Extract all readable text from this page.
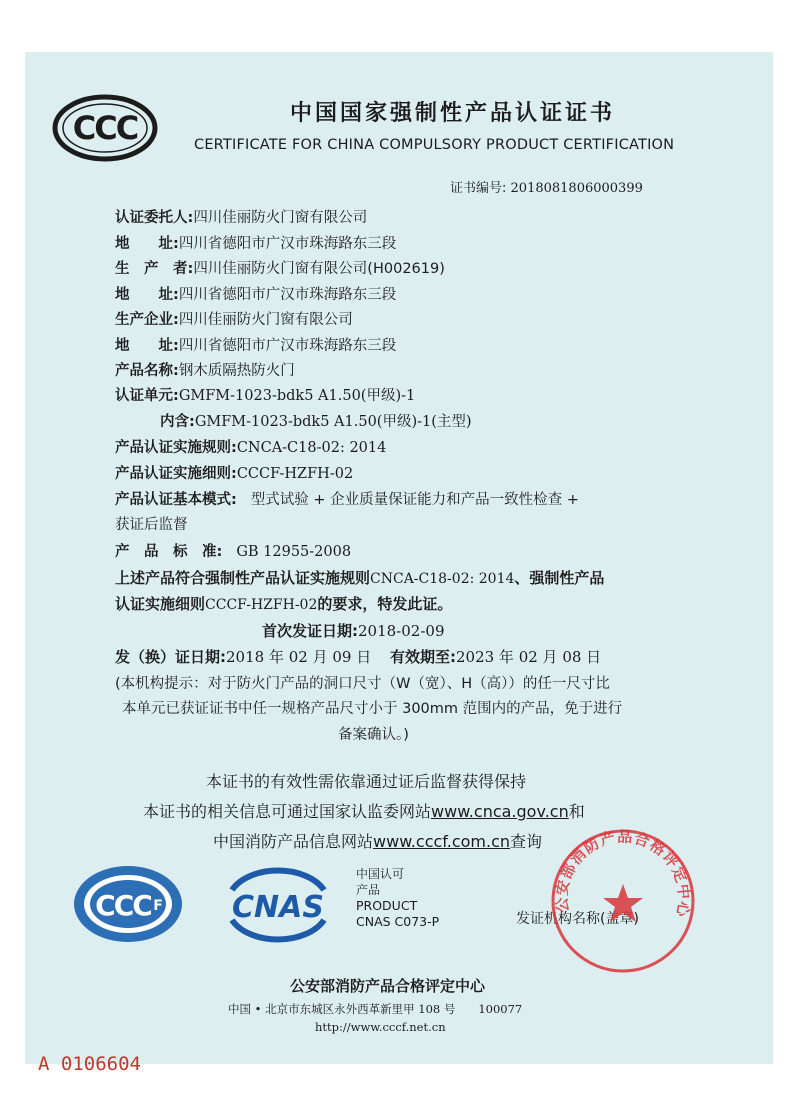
CCC	中国国家强制性产品认证证书
CERTIFICATE FOR CHINA COMPULSORY PRODUCT CERTIFICATION
证书编号: 2018081806000399
认证委托人:四川佳丽防火门窗有限公司
地　　址:四川省德阳市广汉市珠海路东三段
生　产　者:四川佳丽防火门窗有限公司(H002619)
地　　址:四川省德阳市广汉市珠海路东三段
生产企业:四川佳丽防火门窗有限公司
地　　址:四川省德阳市广汉市珠海路东三段
产品名称:钢木质隔热防火门
认证单元:GMFM-1023-bdk5 A1.50(甲级)-1
内含:GMFM-1023-bdk5 A1.50(甲级)-1(主型)
产品认证实施规则:CNCA-C18-02: 2014
产品认证实施细则:CCCF-HZFH-02
产品认证基本模式: 型式试验 + 企业质量保证能力和产品一致性检查 +
获证后监督
产　品　标　准: GB 12955-2008
上述产品符合强制性产品认证实施规则CNCA-C18-02: 2014、强制性产品
认证实施细则CCCF-HZFH-02的要求，特发此证。
首次发证日期:2018-02-09
发（换）证日期:2018 年 02 月 09 日 有效期至:2023 年 02 月 08 日
(本机构提示：对于防火门产品的洞口尺寸（W（宽）、H（高））的任一尺寸比
本单元已获证证书中任一规格产品尺寸小于 300mm 范围内的产品，免于进行
备案确认。)
本证书的有效性需依靠通过证后监督获得保持
本证书的相关信息可通过国家认监委网站www.cnca.gov.cn和
中国消防产品信息网站www.cccf.com.cn查询
CCC F CNAS
中国认可
产品
PRODUCT
CNAS C073-P	发证机构名称(盖章)
公安部消防产品合格评定中心
公安部消防产品合格评定中心
中国 • 北京市东城区永外西革新里甲 108 号　　100077
http://www.cccf.net.cn
A 0106604
